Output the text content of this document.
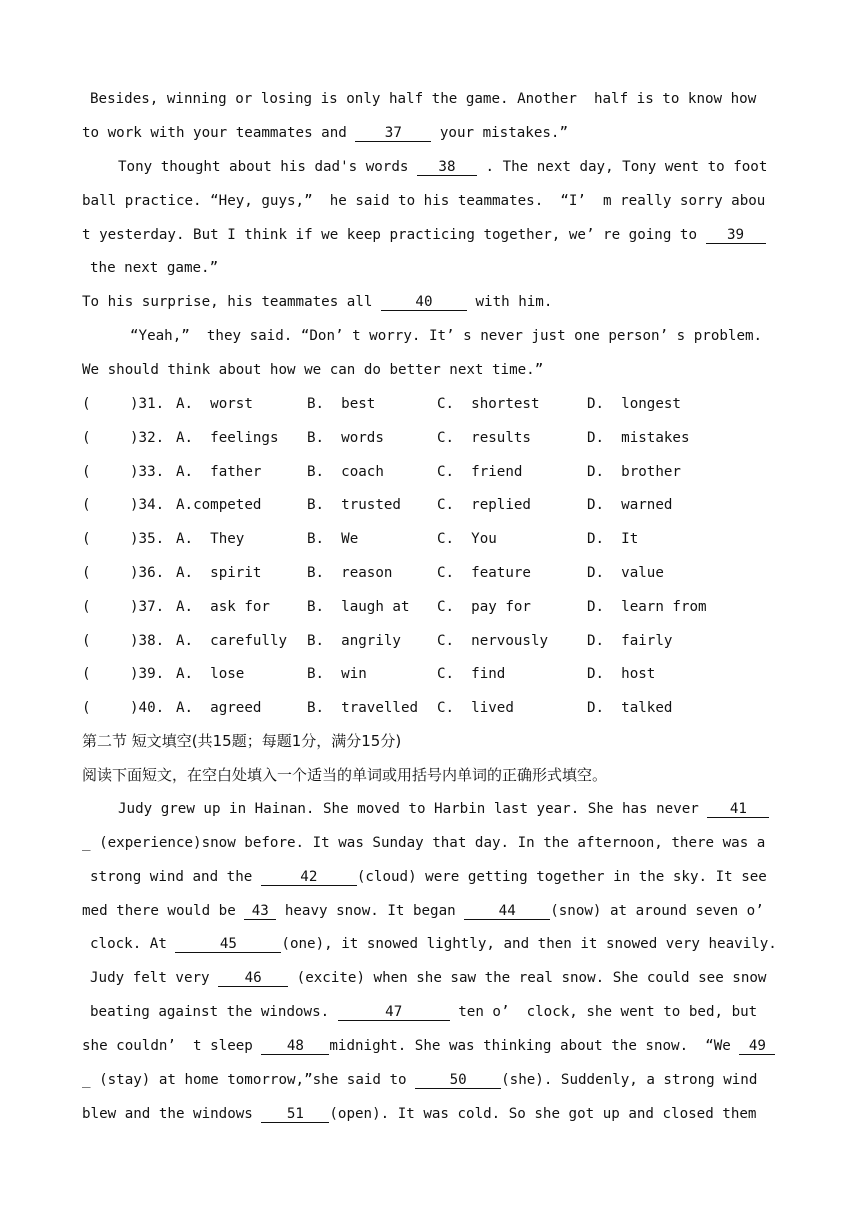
Besides, winning or losing is only half the game. Another  half is to know how
to work with your teammates and 37 your mistakes.”
Tony thought about his dad's words 38 . The next day, Tony went to foot
ball practice. “Hey, guys,”  he said to his teammates.  “I’  m really sorry abou
t yesterday. But I think if we keep practicing together, we’ re going to 39
the next game.”
To his surprise, his teammates all 40 with him.
“Yeah,”  they said. “Don’ t worry. It’ s never just one person’ s problem.
We should think about how we can do better next time.”
(	)31. A.  worst	B.  best	C.  shortest	D.  longest
(	)32. A.  feelings B.  words	C.  results	D.  mistakes
(	)33. A.  father	B.  coach	C.  friend	D.  brother
(	)34. A.competed	B.  trusted	C.  replied	D.  warned
(	)35. A.  They	B.  We	C.  You	D.  It
(	)36. A.  spirit	B.  reason	C.  feature	D.  value
(	)37. A.  ask for	B.  laugh at C.  pay for	D.  learn from
(	)38. A.  carefully B.  angrily	C.  nervously	D.  fairly
(	)39. A.  lose	B.  win	C.  find	D.  host
(	)40. A.  agreed	B.  travelled C.  lived	D.  talked
第二节 短文填空(共15题；每题1分，满分15分)
阅读下面短文，在空白处填入一个适当的单词或用括号内单词的正确形式填空。
Judy grew up in Hainan. She moved to Harbin last year. She has never 41
_ (experience)snow before. It was Sunday that day. In the afternoon, there was a
strong wind and the	42	(cloud) were getting together in the sky. It see
med there would be 43 heavy snow. It began 44 (snow) at around seven o’
clock. At	45	(one), it snowed lightly, and then it snowed very heavily.
Judy felt very 46 (excite) when she saw the real snow. She could see snow
beating against the windows.	47	ten o’  clock, she went to bed, but
she couldn’  t sleep 48 midnight. She was thinking about the snow.  “We 49
_ (stay) at home tomorrow,”she said to 50 (she). Suddenly, a strong wind
blew and the windows 51 (open). It was cold. So she got up and closed them
